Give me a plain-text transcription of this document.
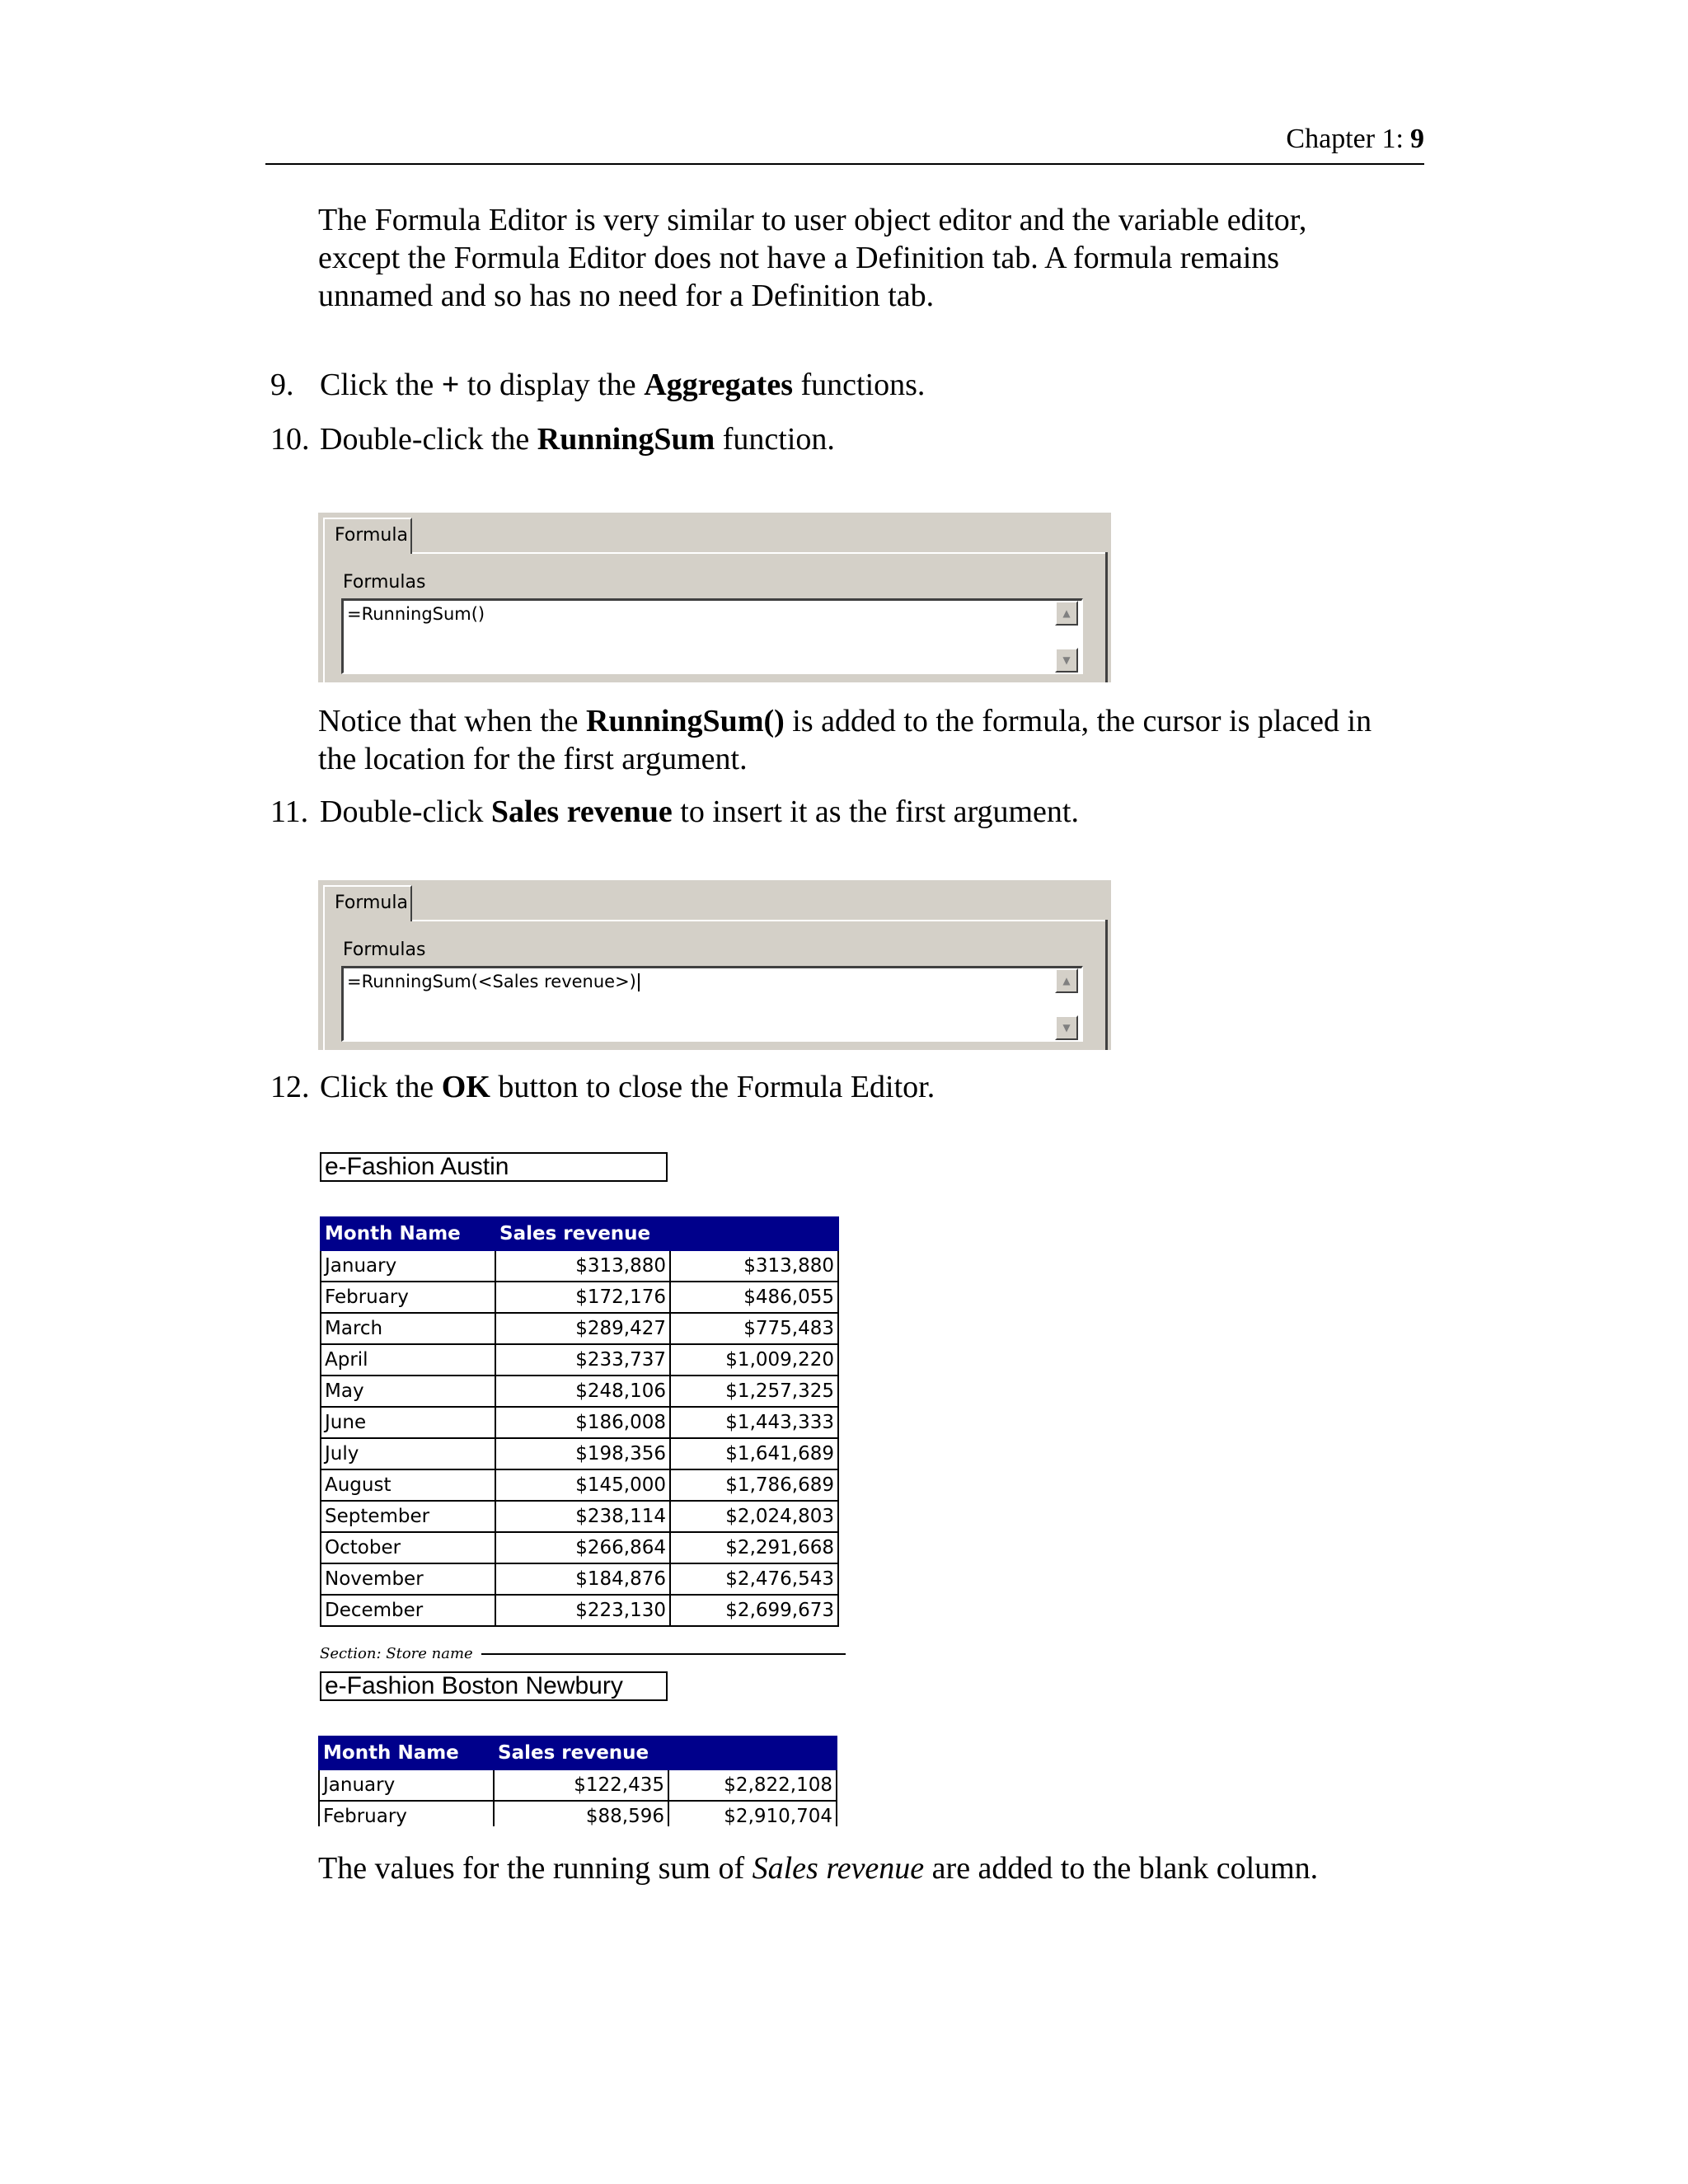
Chapter 1: 9

The Formula Editor is very similar to user object editor and the variable editor,

except the Formula Editor does not have a Definition tab. A formula remains

unnamed and so has no need for a Definition tab.

9. Click the + to display the Aggregates functions.
10. Double-click the RunningSum function.
Formula
Formulas
=RunningSum()	▲
▼

Notice that when the RunningSum() is added to the formula, the cursor is placed in

the location for the first argument.

11. Double-click Sales revenue to insert it as the first argument.
Formula
Formulas
=RunningSum(<Sales revenue>)	▲
▼
12. Click the OK button to close the Formula Editor.
e-Fashion Austin
Month Name	Sales revenue	
January	$313,880	$313,880
February	$172,176	$486,055
March	$289,427	$775,483
April	$233,737	$1,009,220
May	$248,106	$1,257,325
June	$186,008	$1,443,333
July	$198,356	$1,641,689
August	$145,000	$1,786,689
September	$238,114	$2,024,803
October	$266,864	$2,291,668
November	$184,876	$2,476,543
December	$223,130	$2,699,673
Section: Store name
e-Fashion Boston Newbury
Month Name	Sales revenue	
January	$122,435	$2,822,108
February	$88,596	$2,910,704

The values for the running sum of Sales revenue are added to the blank column.
